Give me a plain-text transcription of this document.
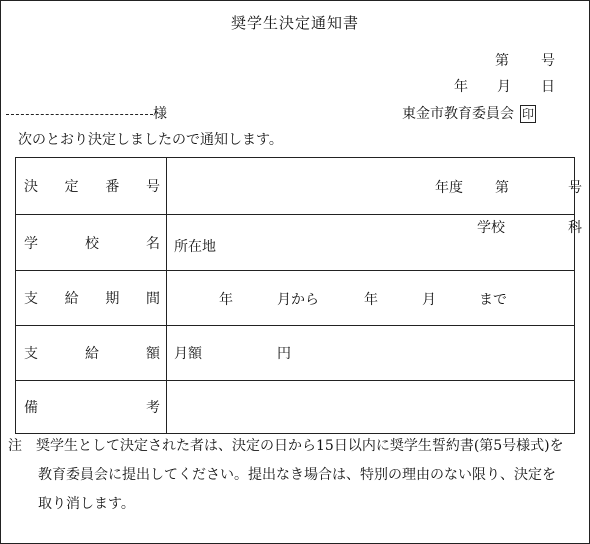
奨学生決定通知書
第 号
年 月 日
様	東金市教育委員会 印
次のとおり決定しましたので通知します。
決 定 番 号	年度 第 号

学 校 名	学校 科
所在地

支 給 期 間	年 月から 年 月 まで

支 給 額	月額 円

備 考	

注 奨学生として決定された者は、決定の日から15日以内に奨学生誓約書(第5号様式)を
教育委員会に提出してください。提出なき場合は、特別の理由のない限り、決定を
取り消します。
